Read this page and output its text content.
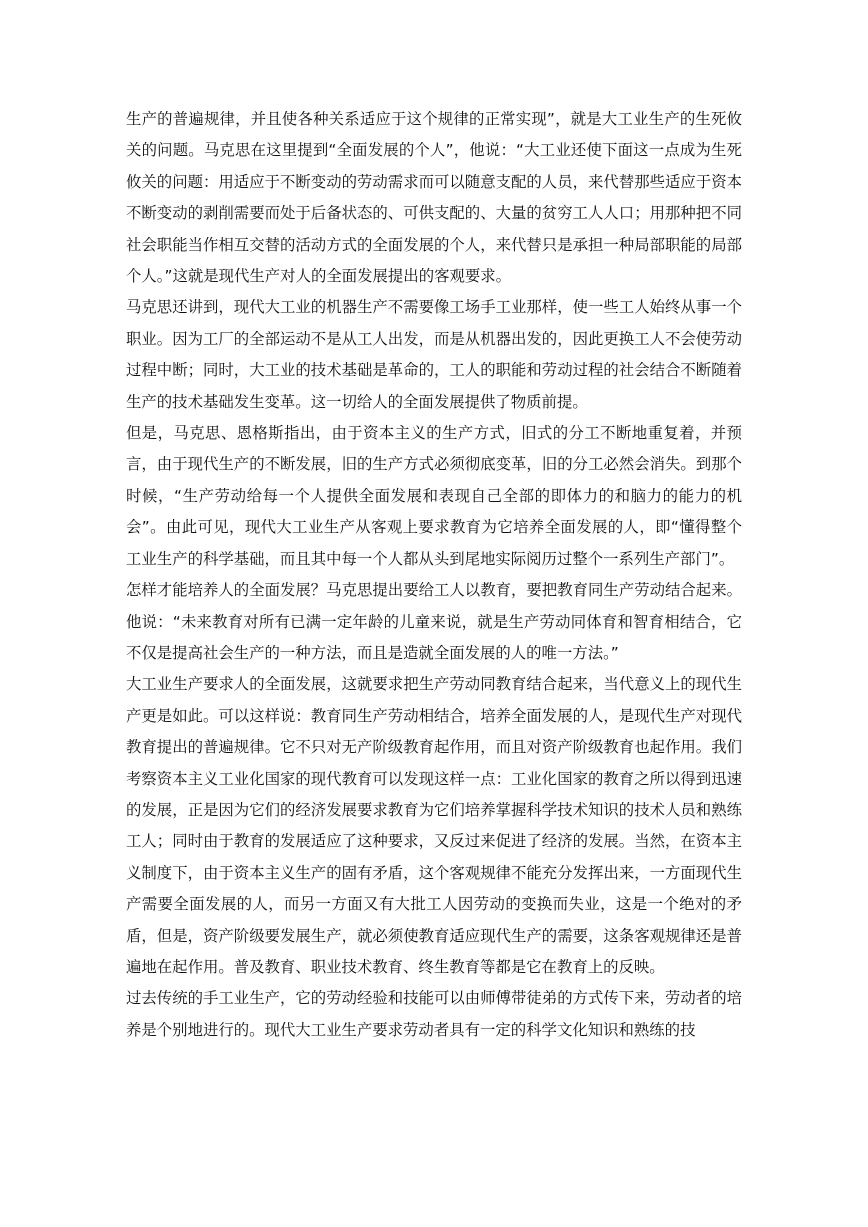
生产的普遍规律，并且使各种关系适应于这个规律的正常实现”，就是大工业生产的生死攸关的问题。马克思在这里提到“全面发展的个人”，他说：“大工业还使下面这一点成为生死攸关的问题：用适应于不断变动的劳动需求而可以随意支配的人员，来代替那些适应于资本不断变动的剥削需要而处于后备状态的、可供支配的、大量的贫穷工人人口；用那种把不同社会职能当作相互交替的活动方式的全面发展的个人，来代替只是承担一种局部职能的局部个人。”这就是现代生产对人的全面发展提出的客观要求。

马克思还讲到，现代大工业的机器生产不需要像工场手工业那样，使一些工人始终从事一个职业。因为工厂的全部运动不是从工人出发，而是从机器出发的，因此更换工人不会使劳动过程中断；同时，大工业的技术基础是革命的，工人的职能和劳动过程的社会结合不断随着生产的技术基础发生变革。这一切给人的全面发展提供了物质前提。

但是，马克思、恩格斯指出，由于资本主义的生产方式，旧式的分工不断地重复着，并预言，由于现代生产的不断发展，旧的生产方式必须彻底变革，旧的分工必然会消失。到那个时候，“生产劳动给每一个人提供全面发展和表现自己全部的即体力的和脑力的能力的机会”。由此可见，现代大工业生产从客观上要求教育为它培养全面发展的人，即“懂得整个工业生产的科学基础，而且其中每一个人都从头到尾地实际阅历过整个一系列生产部门”。

怎样才能培养人的全面发展？马克思提出要给工人以教育，要把教育同生产劳动结合起来。他说：“未来教育对所有已满一定年龄的儿童来说，就是生产劳动同体育和智育相结合，它不仅是提高社会生产的一种方法，而且是造就全面发展的人的唯一方法。”

大工业生产要求人的全面发展，这就要求把生产劳动同教育结合起来，当代意义上的现代生产更是如此。可以这样说：教育同生产劳动相结合，培养全面发展的人，是现代生产对现代教育提出的普遍规律。它不只对无产阶级教育起作用，而且对资产阶级教育也起作用。我们考察资本主义工业化国家的现代教育可以发现这样一点：工业化国家的教育之所以得到迅速的发展，正是因为它们的经济发展要求教育为它们培养掌握科学技术知识的技术人员和熟练工人；同时由于教育的发展适应了这种要求，又反过来促进了经济的发展。当然，在资本主义制度下，由于资本主义生产的固有矛盾，这个客观规律不能充分发挥出来，一方面现代生产需要全面发展的人，而另一方面又有大批工人因劳动的变换而失业，这是一个绝对的矛盾，但是，资产阶级要发展生产，就必须使教育适应现代生产的需要，这条客观规律还是普遍地在起作用。普及教育、职业技术教育、终生教育等都是它在教育上的反映。

过去传统的手工业生产，它的劳动经验和技能可以由师傅带徒弟的方式传下来，劳动者的培养是个别地进行的。现代大工业生产要求劳动者具有一定的科学文化知识和熟练的技
